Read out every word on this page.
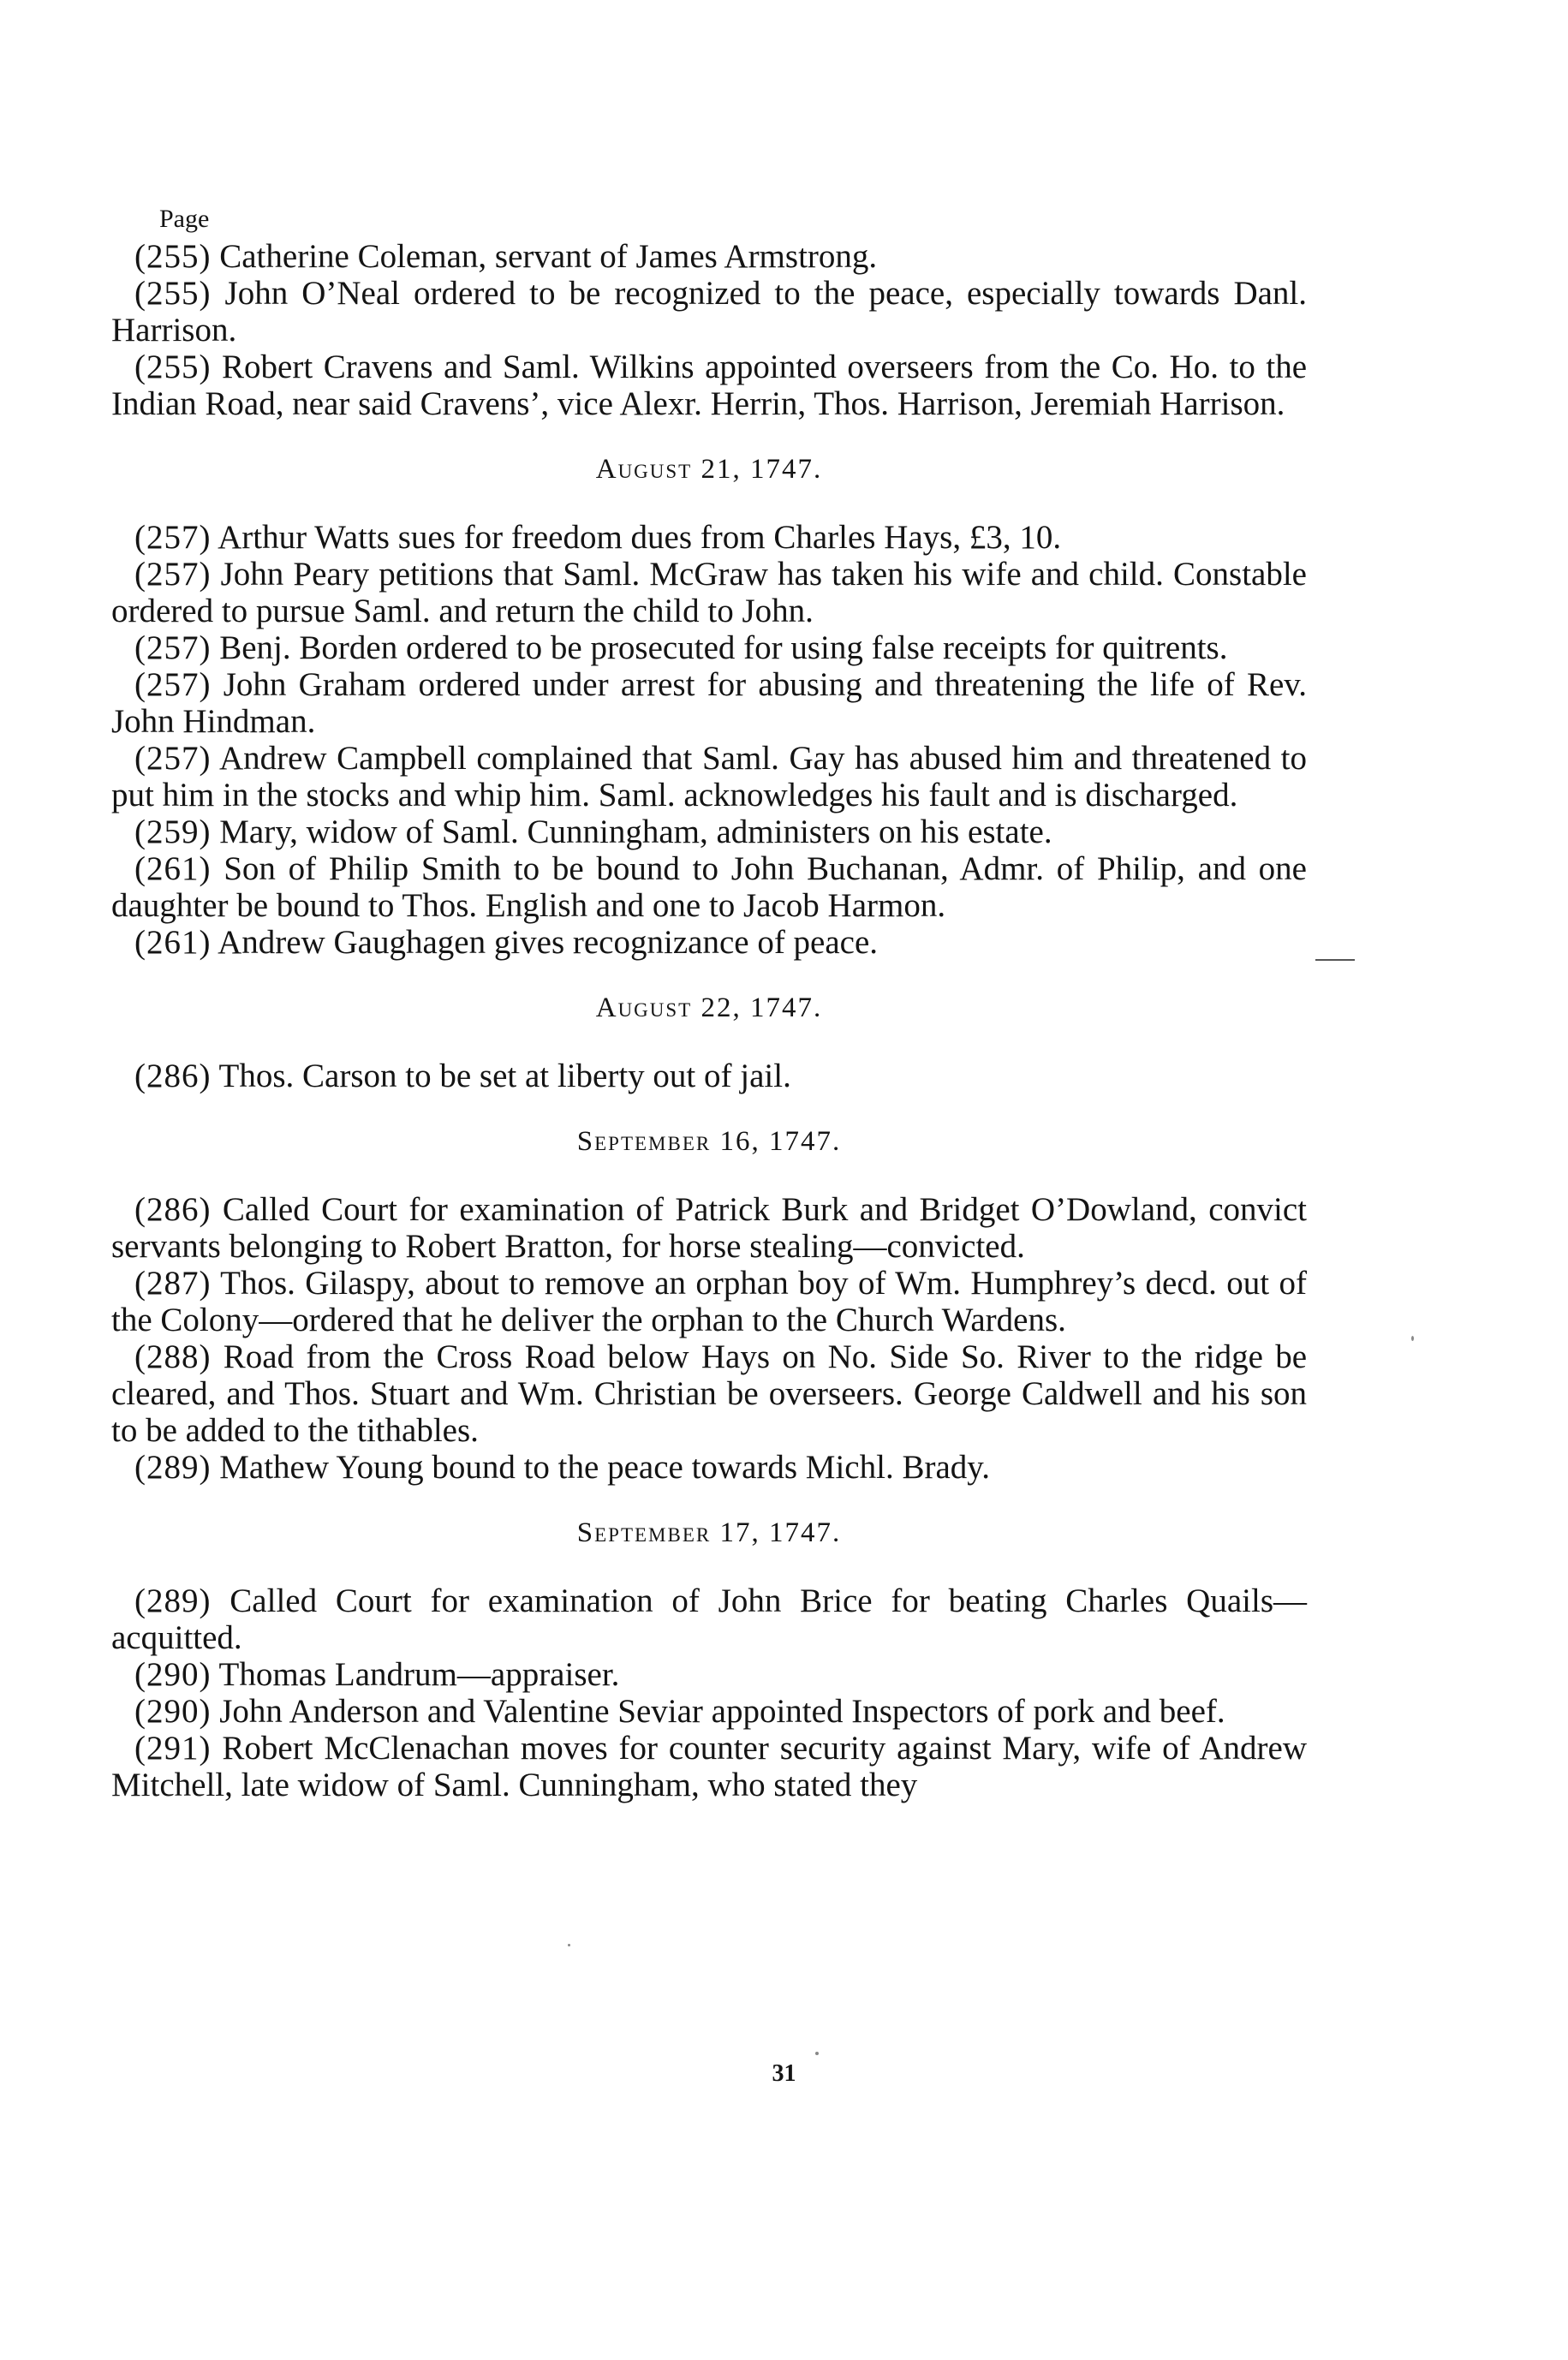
Page

(255) Catherine Coleman, servant of James Armstrong.

(255) John O’Neal ordered to be recognized to the peace, especially towards Danl. Harrison.

(255) Robert Cravens and Saml. Wilkins appointed overseers from the Co. Ho. to the Indian Road, near said Cravens’, vice Alexr. Herrin, Thos. Harrison, Jeremiah Harrison.

August 21, 1747.

(257) Arthur Watts sues for freedom dues from Charles Hays, £3, 10.

(257) John Peary petitions that Saml. McGraw has taken his wife and child. Constable ordered to pursue Saml. and return the child to John.

(257) Benj. Borden ordered to be prosecuted for using false receipts for quitrents.

(257) John Graham ordered under arrest for abusing and threatening the life of Rev. John Hindman.

(257) Andrew Campbell complained that Saml. Gay has abused him and threatened to put him in the stocks and whip him. Saml. acknowledges his fault and is discharged.

(259) Mary, widow of Saml. Cunningham, administers on his estate.

(261) Son of Philip Smith to be bound to John Buchanan, Admr. of Philip, and one daughter be bound to Thos. English and one to Jacob Harmon.

(261) Andrew Gaughagen gives recognizance of peace.

August 22, 1747.

(286) Thos. Carson to be set at liberty out of jail.

September 16, 1747.

(286) Called Court for examination of Patrick Burk and Bridget O’Dowland, convict servants belonging to Robert Bratton, for horse stealing—convicted.

(287) Thos. Gilaspy, about to remove an orphan boy of Wm. Humphrey’s decd. out of the Colony—ordered that he deliver the orphan to the Church Wardens.

(288) Road from the Cross Road below Hays on No. Side So. River to the ridge be cleared, and Thos. Stuart and Wm. Christian be overseers. George Caldwell and his son to be added to the tithables.

(289) Mathew Young bound to the peace towards Michl. Brady.

September 17, 1747.

(289) Called Court for examination of John Brice for beating Charles Quails—acquitted.

(290) Thomas Landrum—appraiser.

(290) John Anderson and Valentine Seviar appointed Inspectors of pork and beef.

(291) Robert McClenachan moves for counter security against Mary, wife of Andrew Mitchell, late widow of Saml. Cunningham, who stated they

31
